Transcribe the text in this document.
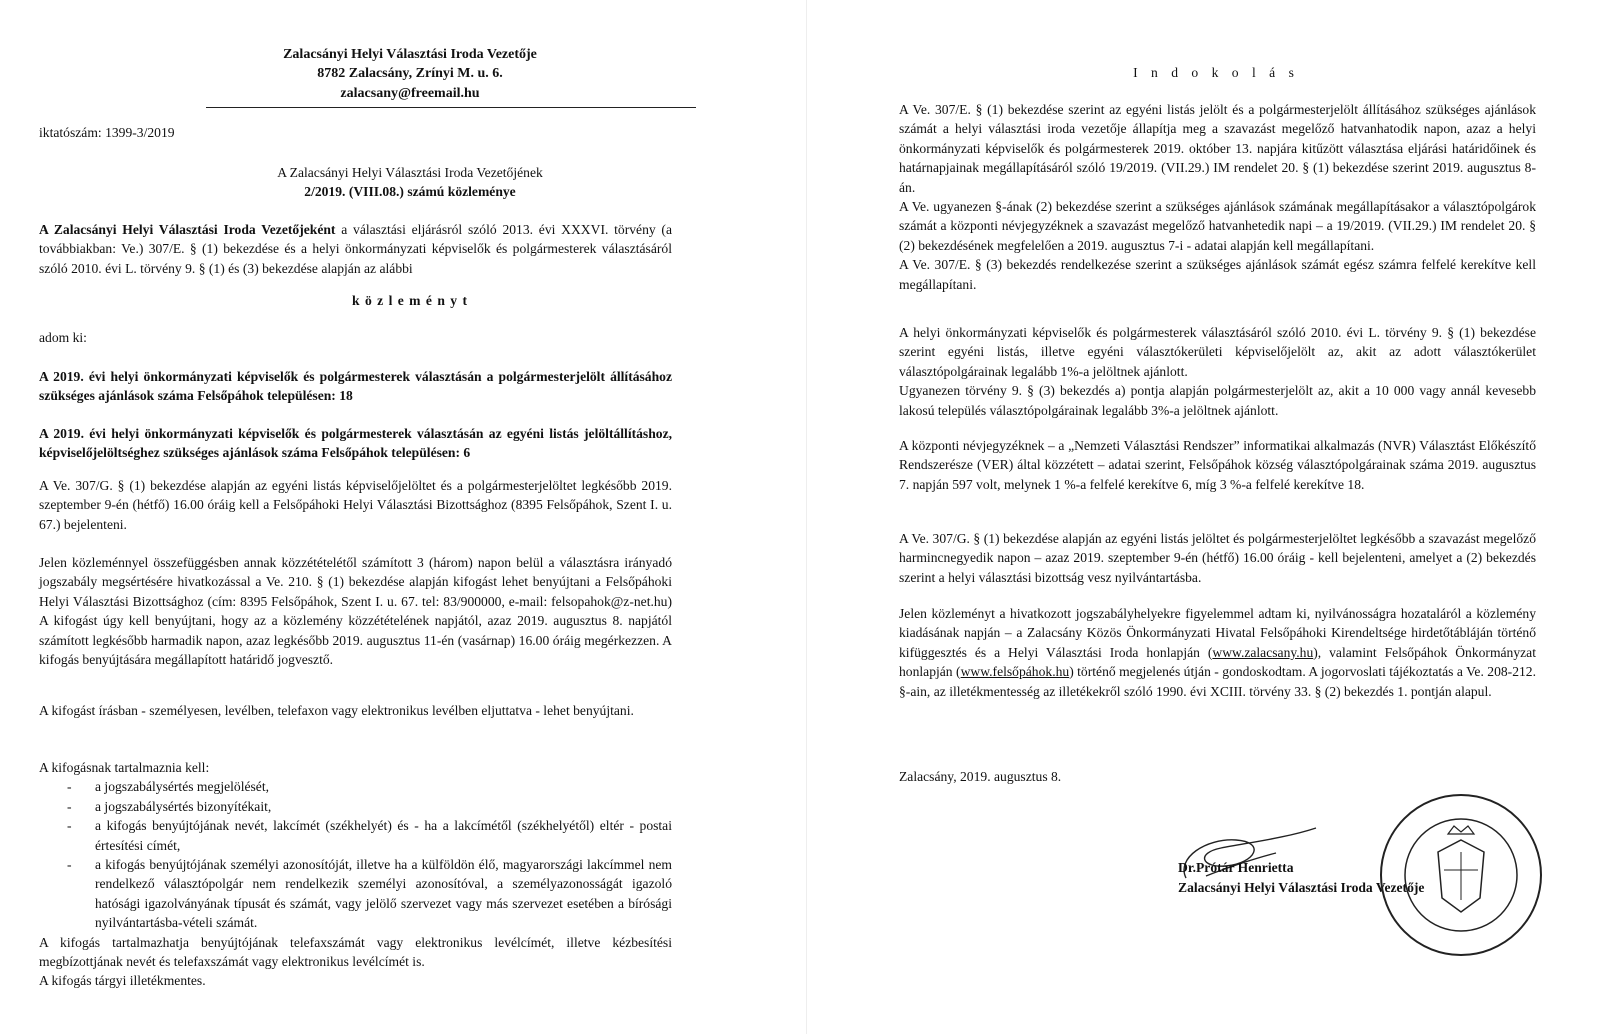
Zalacsányi Helyi Választási Iroda Vezetője
8782 Zalacsány, Zrínyi M. u. 6.
zalacsany@freemail.hu
iktatószám: 1399-3/2019
A Zalacsányi Helyi Választási Iroda Vezetőjének
2/2019. (VIII.08.) számú közleménye
A Zalacsányi Helyi Választási Iroda Vezetőjeként a választási eljárásról szóló 2013. évi XXXVI. törvény (a továbbiakban: Ve.) 307/E. § (1) bekezdése és a helyi önkormányzati képviselők és polgármesterek választásáról szóló 2010. évi L. törvény 9. § (1) és (3) bekezdése alapján az alábbi
k ö z l e m é n y t
adom ki:
A 2019. évi helyi önkormányzati képviselők és polgármesterek választásán a polgármesterjelölt állításához szükséges ajánlások száma Felsőpáhok településen: 18
A 2019. évi helyi önkormányzati képviselők és polgármesterek választásán az egyéni listás jelöltállításhoz, képviselőjelöltséghez szükséges ajánlások száma Felsőpáhok településen: 6
A Ve. 307/G. § (1) bekezdése alapján az egyéni listás képviselőjelöltet és a polgármesterjelöltet legkésőbb 2019. szeptember 9-én (hétfő) 16.00 óráig kell a Felsőpáhoki Helyi Választási Bizottsághoz (8395 Felsőpáhok, Szent I. u. 67.) bejelenteni.
Jelen közleménnyel összefüggésben annak közzétételétől számított 3 (három) napon belül a választásra irányadó jogszabály megsértésére hivatkozással a Ve. 210. § (1) bekezdése alapján kifogást lehet benyújtani a Felsőpáhoki Helyi Választási Bizottsághoz (cím: 8395 Felsőpáhok, Szent I. u. 67. tel: 83/900000, e-mail: felsopahok@z-net.hu) A kifogást úgy kell benyújtani, hogy az a közlemény közzétételének napjától, azaz 2019. augusztus 8. napjától számított legkésőbb harmadik napon, azaz legkésőbb 2019. augusztus 11-én (vasárnap) 16.00 óráig megérkezzen. A kifogás benyújtására megállapított határidő jogvesztő.
A kifogást írásban - személyesen, levélben, telefaxon vagy elektronikus levélben eljuttatva - lehet benyújtani.
A kifogásnak tartalmaznia kell:
- a jogszabálysértés megjelölését,
- a jogszabálysértés bizonyítékait,
- a kifogás benyújtójának nevét, lakcímét (székhelyét) és - ha a lakcímétől (székhelyétől) eltér - postai értesítési címét,
- a kifogás benyújtójának személyi azonosítóját, illetve ha a külföldön élő, magyarországi lakcímmel nem rendelkező választópolgár nem rendelkezik személyi azonosítóval, a személyazonosságát igazoló hatósági igazolványának típusát és számát, vagy jelölő szervezet vagy más szervezet esetében a bírósági nyilvántartásba-vételi számát.
A kifogás tartalmazhatja benyújtójának telefaxszámát vagy elektronikus levélcímét, illetve kézbesítési megbízottjának nevét és telefaxszámát vagy elektronikus levélcímét is.
A kifogás tárgyi illetékmentes.
I n d o k o l á s
A Ve. 307/E. § (1) bekezdése szerint az egyéni listás jelölt és a polgármesterjelölt állításához szükséges ajánlások számát a helyi választási iroda vezetője állapítja meg a szavazást megelőző hatvanhatodik napon, azaz a helyi önkormányzati képviselők és polgármesterek 2019. október 13. napjára kitűzött választása eljárási határidőinek és határnapjainak megállapításáról szóló 19/2019. (VII.29.) IM rendelet 20. § (1) bekezdése szerint 2019. augusztus 8-án.
A Ve. ugyanezen §-ának (2) bekezdése szerint a szükséges ajánlások számának megállapításakor a választópolgárok számát a központi névjegyzéknek a szavazást megelőző hatvanhetedik napi – a 19/2019. (VII.29.) IM rendelet 20. § (2) bekezdésének megfelelően a 2019. augusztus 7-i - adatai alapján kell megállapítani.
A Ve. 307/E. § (3) bekezdés rendelkezése szerint a szükséges ajánlások számát egész számra felfelé kerekítve kell megállapítani.
A helyi önkormányzati képviselők és polgármesterek választásáról szóló 2010. évi L. törvény 9. § (1) bekezdése szerint egyéni listás, illetve egyéni választókerületi képviselőjelölt az, akit az adott választókerület választópolgárainak legalább 1%-a jelöltnek ajánlott.
Ugyanezen törvény 9. § (3) bekezdés a) pontja alapján polgármesterjelölt az, akit a 10 000 vagy annál kevesebb lakosú település választópolgárainak legalább 3%-a jelöltnek ajánlott.
A központi névjegyzéknek – a „Nemzeti Választási Rendszer” informatikai alkalmazás (NVR) Választást Előkészítő Rendszerésze (VER) által közzétett – adatai szerint, Felsőpáhok község választópolgárainak száma 2019. augusztus 7. napján 597 volt, melynek 1 %-a felfelé kerekítve 6, míg 3 %-a felfelé kerekítve 18.
A Ve. 307/G. § (1) bekezdése alapján az egyéni listás jelöltet és polgármesterjelöltet legkésőbb a szavazást megelőző harmincnegyedik napon – azaz 2019. szeptember 9-én (hétfő) 16.00 óráig - kell bejelenteni, amelyet a (2) bekezdés szerint a helyi választási bizottság vesz nyilvántartásba.
Jelen közleményt a hivatkozott jogszabályhelyekre figyelemmel adtam ki, nyilvánosságra hozataláról a közlemény kiadásának napján – a Zalacsány Közös Önkormányzati Hivatal Felsőpáhoki Kirendeltsége hirdetőtábláján történő kifüggesztés és a Helyi Választási Iroda honlapján (www.zalacsany.hu), valamint Felsőpáhok Önkormányzat honlapján (www.felsőpáhok.hu) történő megjelenés útján - gondoskodtam. A jogorvoslati tájékoztatás a Ve. 208-212. §-ain, az illetékmentesség az illetékekről szóló 1990. évi XCIII. törvény 33. § (2) bekezdés 1. pontján alapul.
Zalacsány, 2019. augusztus 8.
Dr.Prótár Henrietta
Zalacsányi Helyi Választási Iroda Vezetője
